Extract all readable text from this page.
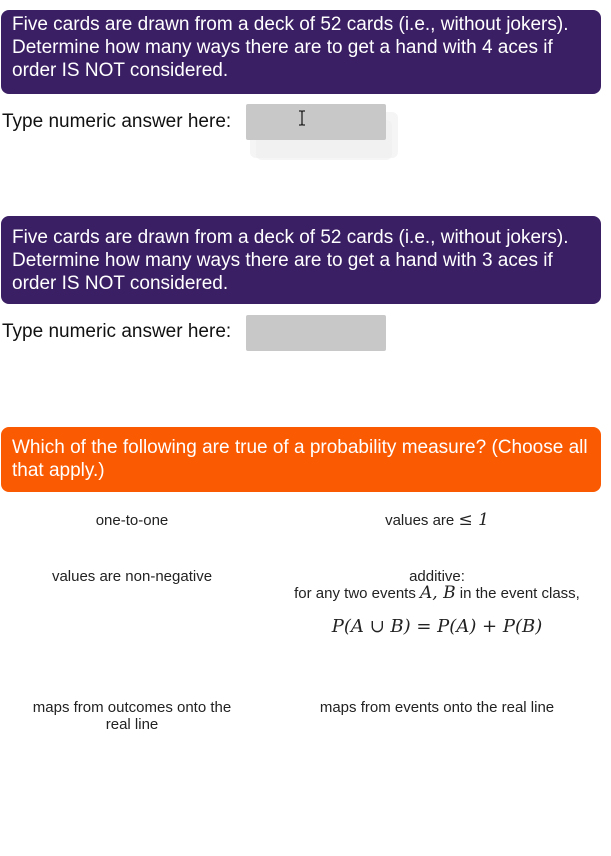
Five cards are drawn from a deck of 52 cards (i.e., without jokers). Determine how many ways there are to get a hand with 4 aces if order IS NOT considered.
Type numeric answer here:
Five cards are drawn from a deck of 52 cards (i.e., without jokers). Determine how many ways there are to get a hand with 3 aces if order IS NOT considered.
Type numeric answer here:
Which of the following are true of a probability measure? (Choose all that apply.)
one-to-one	values are ≤ 1
values are non-negative	additive:
for any two events A, B in the event class,
P(A ∪ B) = P(A) + P(B)
maps from outcomes onto the real line
maps from events onto the real line
